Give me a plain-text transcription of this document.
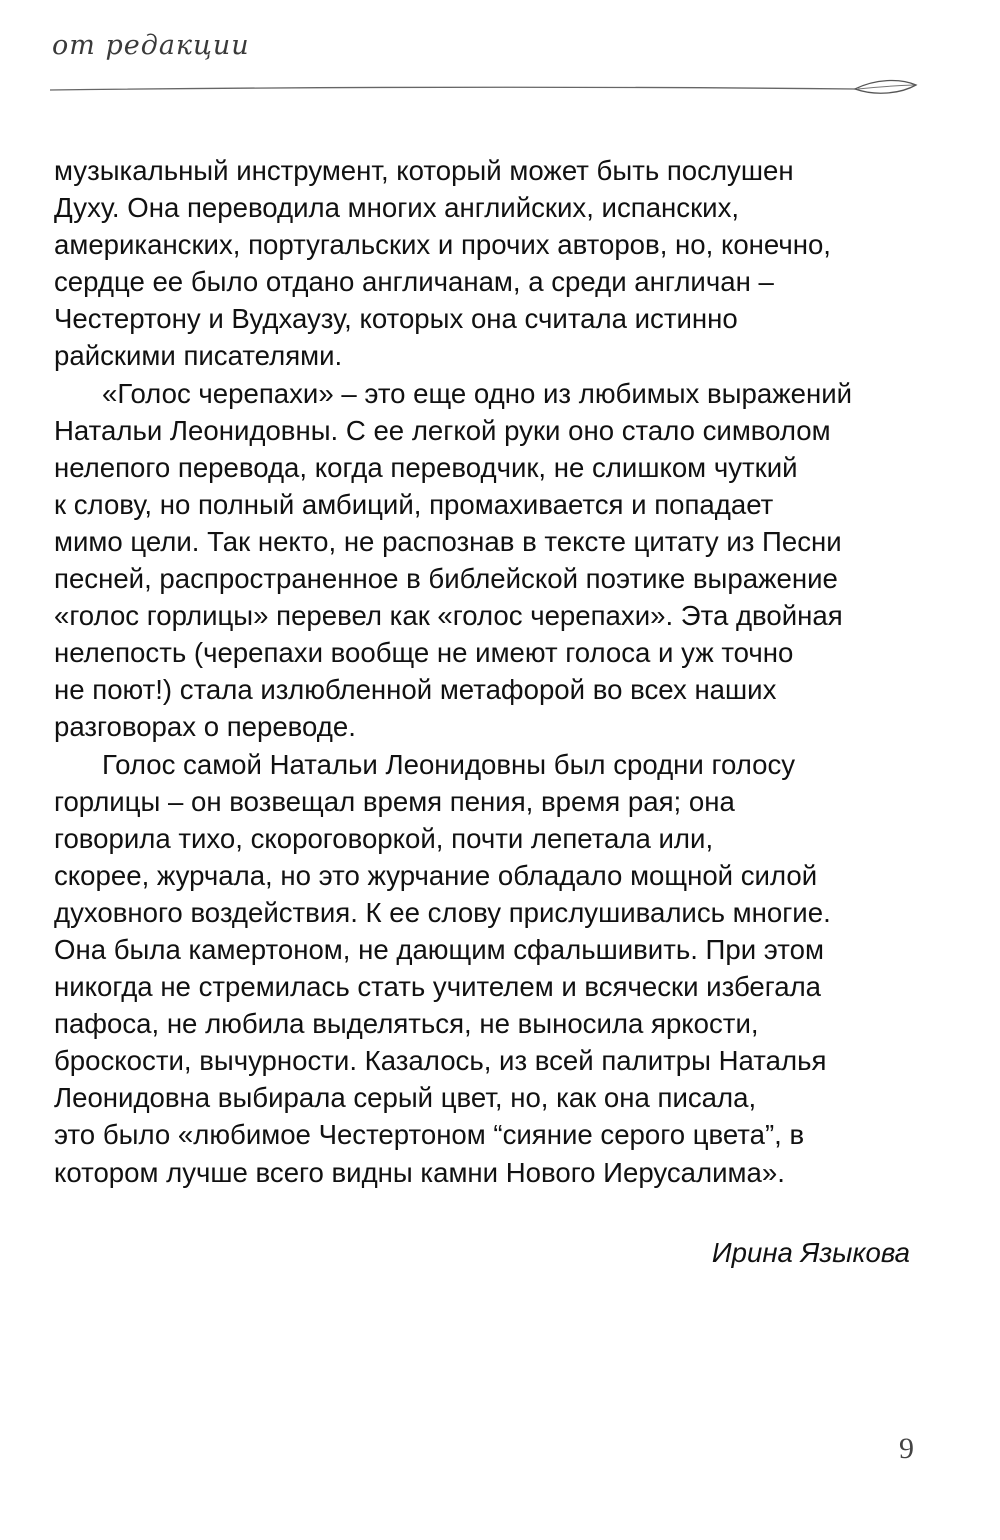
от редакции

музыкальный инструмент, который может быть послушен
Духу. Она переводила многих английских, испанских,
американских, португальских и прочих авторов, но, конечно,
сердце ее было отдано англичанам, а среди англичан –
Честертону и Вудхаузу, которых она считала истинно
райскими писателями.

«Голос черепахи» – это еще одно из любимых выражений
Натальи Леонидовны. С ее легкой руки оно стало символом
нелепого перевода, когда переводчик, не слишком чуткий
к слову, но полный амбиций, промахивается и попадает
мимо цели. Так некто, не распознав в тексте цитату из Песни
песней, распространенное в библейской поэтике выражение
«голос горлицы» перевел как «голос черепахи». Эта двойная
нелепость (черепахи вообще не имеют голоса и уж точно
не поют!) стала излюбленной метафорой во всех наших
разговорах о переводе.

Голос самой Натальи Леонидовны был сродни голосу
горлицы – он возвещал время пения, время рая; она
говорила тихо, скороговоркой, почти лепетала или,
скорее, журчала, но это журчание обладало мощной силой
духовного воздействия. К ее слову прислушивались многие.
Она была камертоном, не дающим сфальшивить. При этом
никогда не стремилась стать учителем и всячески избегала
пафоса, не любила выделяться, не выносила яркости,
броскости, вычурности. Казалось, из всей палитры Наталья
Леонидовна выбирала серый цвет, но, как она писала,
это было «любимое Честертоном “сияние серого цвета”, в
котором лучше всего видны камни Нового Иерусалима».

Ирина Языкова
9
